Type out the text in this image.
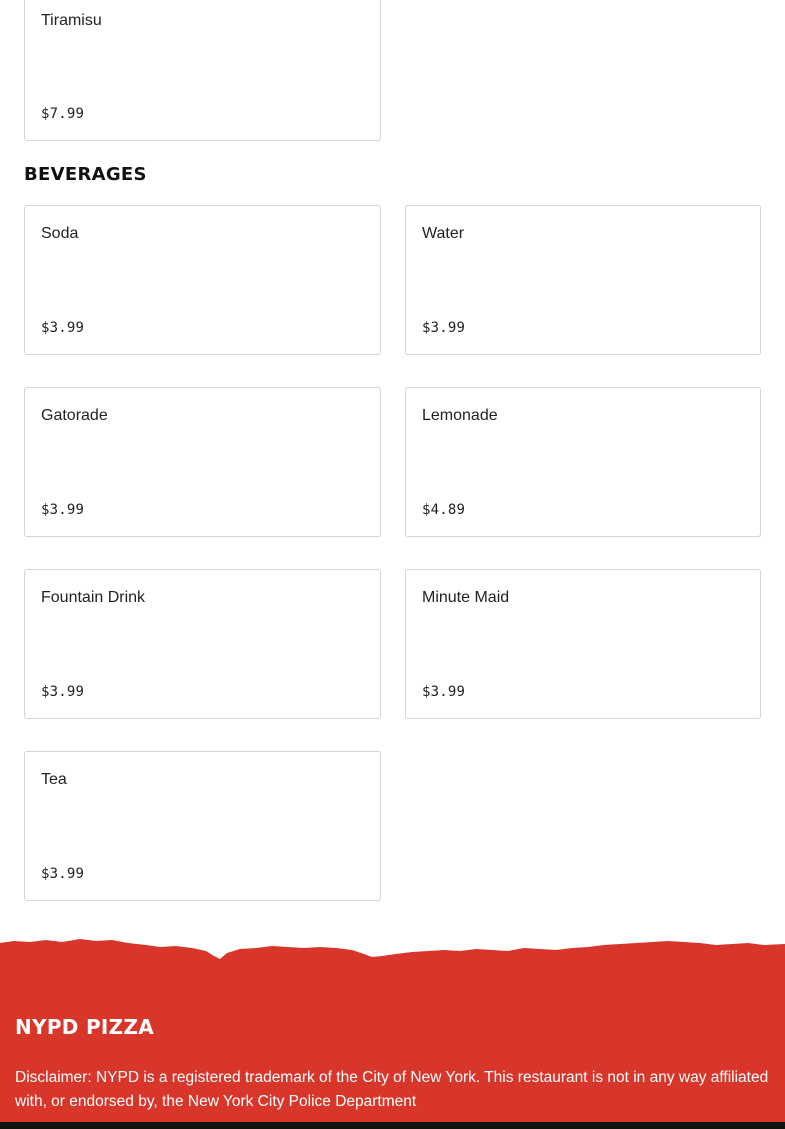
Tiramisu
$7.99
BEVERAGES
Soda
$3.99
Water
$3.99
Gatorade
$3.99
Lemonade
$4.89
Fountain Drink
$3.99
Minute Maid
$3.99
Tea
$3.99
NYPD PIZZA

Disclaimer: NYPD is a registered trademark of the City of New York. This restaurant is not in any way affiliated with, or endorsed by, the New York City Police Department
